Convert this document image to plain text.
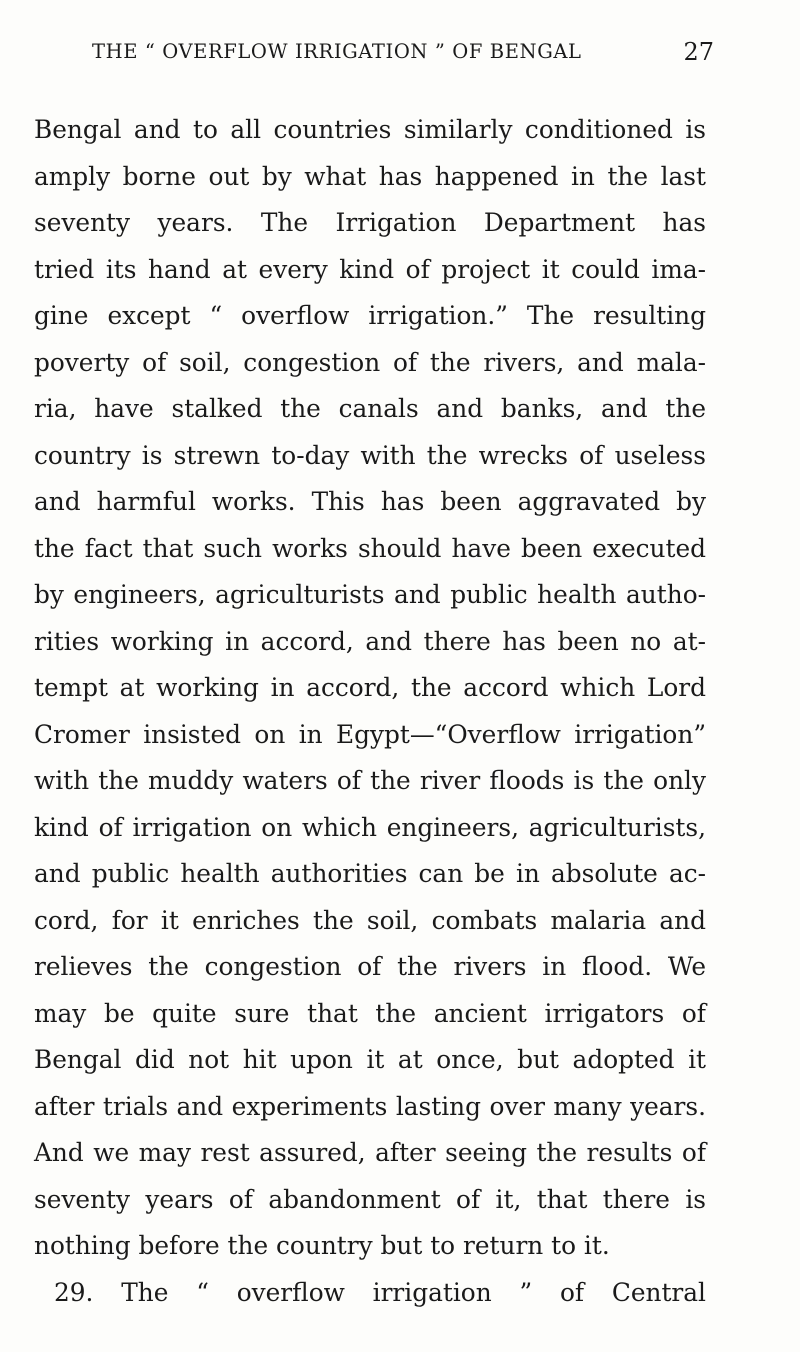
THE “ OVERFLOW IRRIGATION ” OF BENGAL	27
Bengal and to all countries similarly conditioned is
amply borne out by what has happened in the last
seventy years. The Irrigation Department has
tried its hand at every kind of project it could ima-
gine except “ overflow irrigation.” The resulting
poverty of soil, congestion of the rivers, and mala-
ria, have stalked the canals and banks, and the
country is strewn to-day with the wrecks of useless
and harmful works. This has been aggravated by
the fact that such works should have been executed
by engineers, agriculturists and public health autho-
rities working in accord, and there has been no at-
tempt at working in accord, the accord which Lord
Cromer insisted on in Egypt—“Overflow irrigation”
with the muddy waters of the river floods is the only
kind of irrigation on which engineers, agriculturists,
and public health authorities can be in absolute ac-
cord, for it enriches the soil, combats malaria and
relieves the congestion of the rivers in flood. We
may be quite sure that the ancient irrigators of
Bengal did not hit upon it at once, but adopted it
after trials and experiments lasting over many years.
And we may rest assured, after seeing the results of
seventy years of abandonment of it, that there is
nothing before the country but to return to it.
29. The “ overflow irrigation ” of Central
